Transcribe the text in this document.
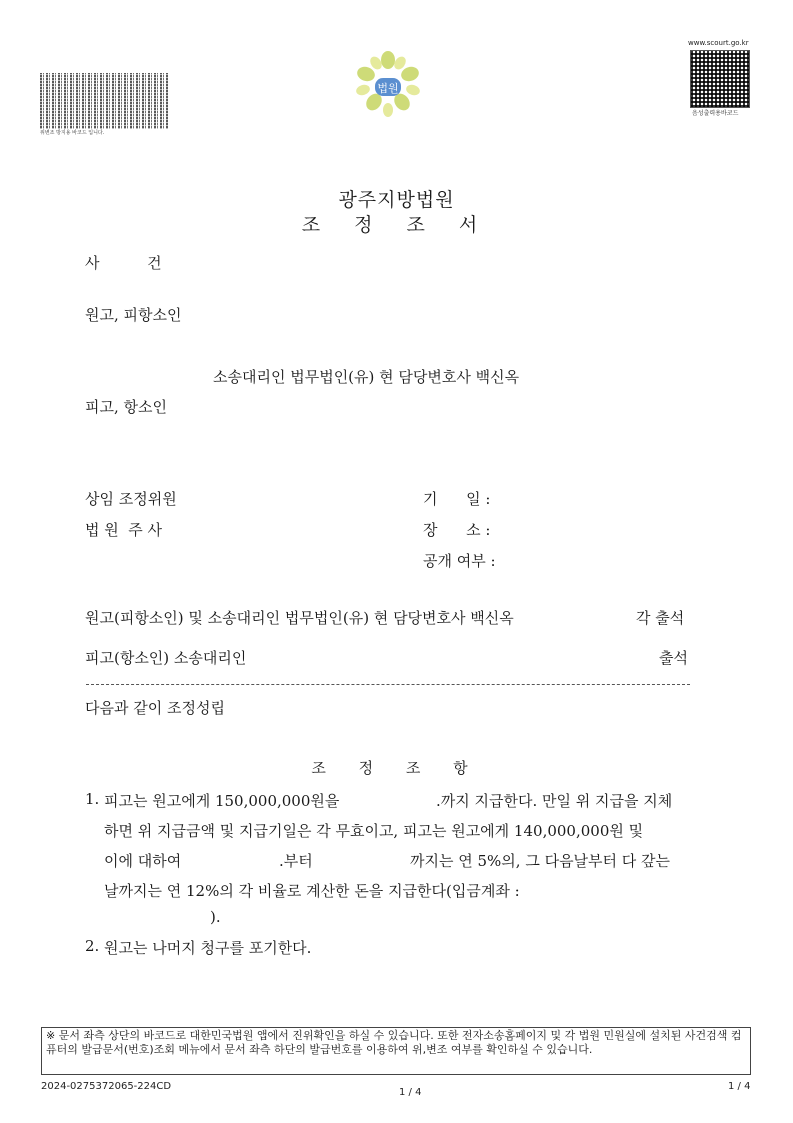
위변조 방지용 바코드 입니다.
법원
www.scourt.go.kr
음성출력용바코드
광주지방법원
조 정 조 서
사          건
원고, 피항소인
소송대리인 법무법인(유) 현 담당변호사 백신옥
피고, 항소인
상임 조정위원
법 원  주 사
기      일 :
장      소 :
공개 여부 :
원고(피항소인) 및 소송대리인 법무법인(유) 현 담당변호사 백신옥	각 출석
피고(항소인) 소송대리인	출석
다음과 같이 조정성립
조 정 조 항
1. 피고는 원고에게 150,000,000원을	.까지 지급한다. 만일 위 지급을 지체
하면 위 지급금액 및 지급기일은 각 무효이고, 피고는 원고에게 140,000,000원 및
이에 대하여	.부터	까지는 연 5%의, 그 다음날부터 다 갚는
날까지는 연 12%의 각 비율로 계산한 돈을 지급한다(입금계좌 :
).
2. 원고는 나머지 청구를 포기한다.
※ 문서 좌측 상단의 바코드로 대한민국법원 앱에서 진위확인을 하실 수 있습니다. 또한 전자소송홈페이지 및 각 법원 민원실에 설치된 사건검색 컴퓨터의 발급문서(번호)조회 메뉴에서 문서 좌측 하단의 발급번호를 이용하여 위,변조 여부를 확인하실 수 있습니다.
2024-0275372065-224CD
1 / 4
1 / 4
